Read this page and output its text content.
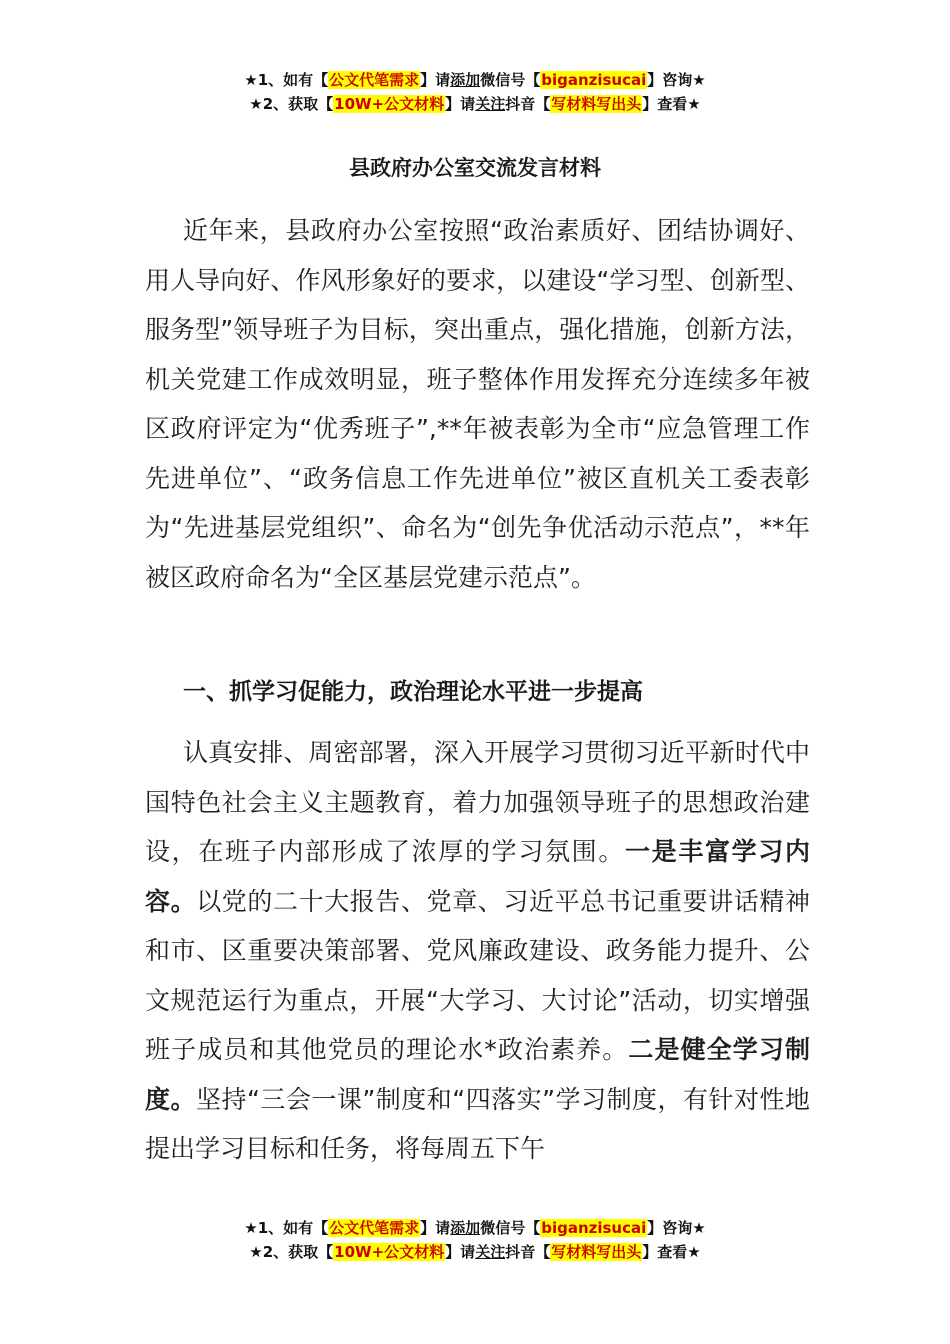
★1、如有【公文代笔需求】请添加微信号【biganzisucai】咨询★
★2、获取【10W+公文材料】请关注抖音【写材料写出头】查看★
县政府办公室交流发言材料

近年来，县政府办公室按照“政治素质好、团结协调好、用人导向好、作风形象好的要求，以建设“学习型、创新型、服务型”领导班子为目标，突出重点，强化措施，创新方法，机关党建工作成效明显，班子整体作用发挥充分连续多年被区政府评定为“优秀班子”,**年被表彰为全市“应急管理工作先进单位”、“政务信息工作先进单位”被区直机关工委表彰为“先进基层党组织”、命名为“创先争优活动示范点”，**年被区政府命名为“全区基层党建示范点”。

一、抓学习促能力，政治理论水平进一步提高

认真安排、周密部署，深入开展学习贯彻习近平新时代中国特色社会主义主题教育，着力加强领导班子的思想政治建设，在班子内部形成了浓厚的学习氛围。一是丰富学习内容。以党的二十大报告、党章、习近平总书记重要讲话精神和市、区重要决策部署、党风廉政建设、政务能力提升、公文规范运行为重点，开展“大学习、大讨论”活动，切实增强班子成员和其他党员的理论水*政治素养。二是健全学习制度。坚持“三会一课”制度和“四落实”学习制度，有针对性地提出学习目标和任务，将每周五下午

★1、如有【公文代笔需求】请添加微信号【biganzisucai】咨询★
★2、获取【10W+公文材料】请关注抖音【写材料写出头】查看★
